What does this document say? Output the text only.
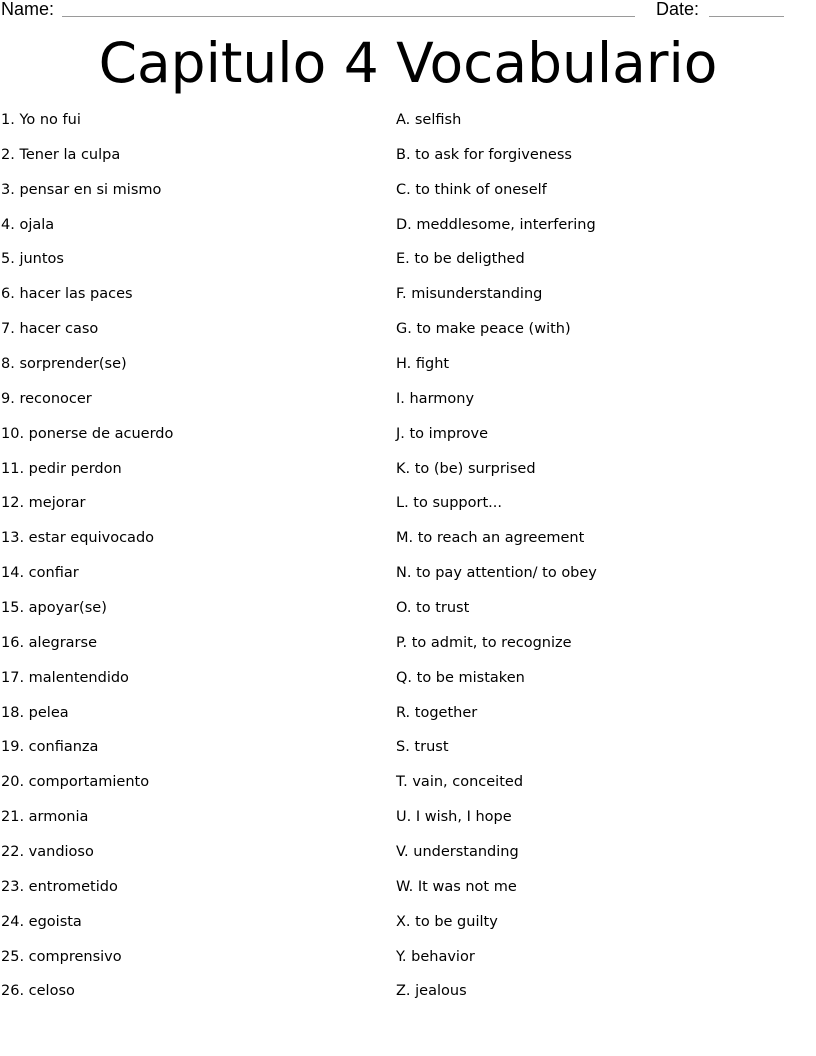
Name:	Date:
Capitulo 4 Vocabulario
1. Yo no fui
2. Tener la culpa
3. pensar en si mismo
4. ojala
5. juntos
6. hacer las paces
7. hacer caso
8. sorprender(se)
9. reconocer
10. ponerse de acuerdo
11. pedir perdon
12. mejorar
13. estar equivocado
14. confiar
15. apoyar(se)
16. alegrarse
17. malentendido
18. pelea
19. confianza
20. comportamiento
21. armonia
22. vandioso
23. entrometido
24. egoista
25. comprensivo
26. celoso
A. selfish
B. to ask for forgiveness
C. to think of oneself
D. meddlesome, interfering
E. to be deligthed
F. misunderstanding
G. to make peace (with)
H. fight
I. harmony
J. to improve
K. to (be) surprised
L. to support...
M. to reach an agreement
N. to pay attention/ to obey
O. to trust
P. to admit, to recognize
Q. to be mistaken
R. together
S. trust
T. vain, conceited
U. I wish, I hope
V. understanding
W. It was not me
X. to be guilty
Y. behavior
Z. jealous
